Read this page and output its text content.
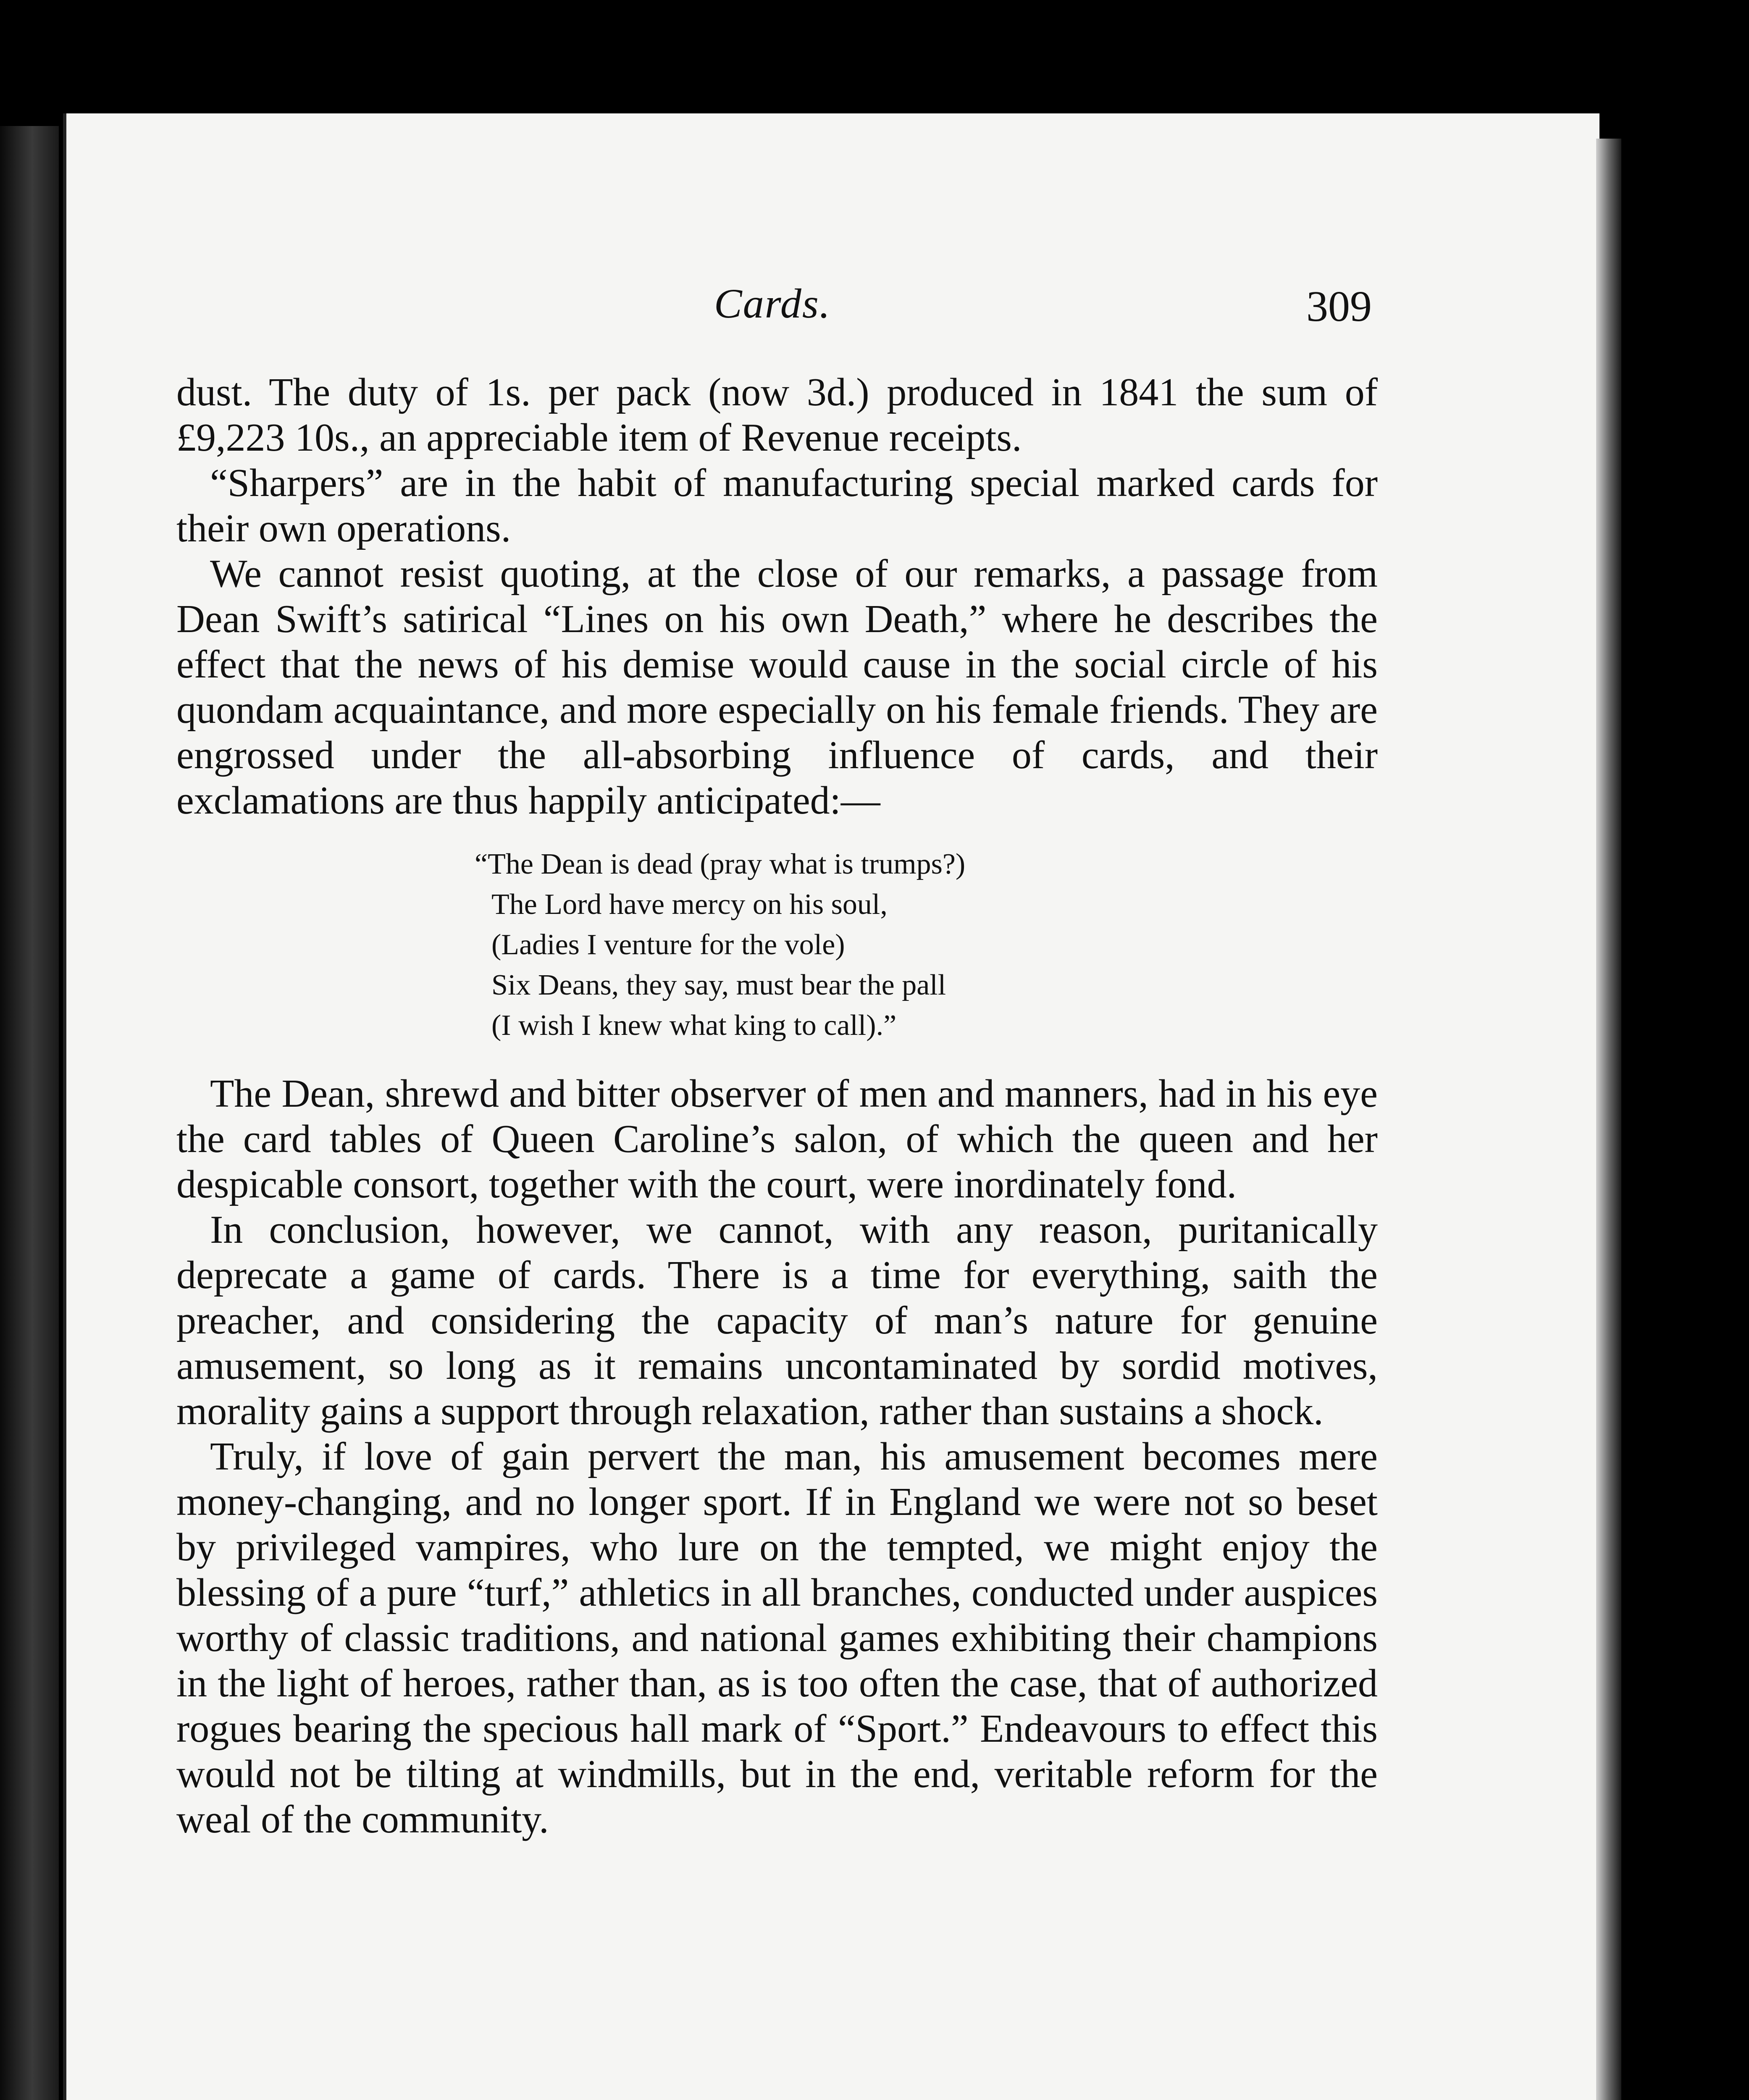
Cards.	309

dust. The duty of 1s. per pack (now 3d.) produced in 1841 the sum of £9,223 10s., an appreciable item of Revenue receipts.

“Sharpers” are in the habit of manufacturing special marked cards for their own operations.

We cannot resist quoting, at the close of our remarks, a passage from Dean Swift’s satirical “Lines on his own Death,” where he describes the effect that the news of his demise would cause in the social circle of his quondam acquaintance, and more especially on his female friends. They are engrossed under the all-absorbing influence of cards, and their exclamations are thus happily anticipated:—

“The Dean is dead (pray what is trumps?)
The Lord have mercy on his soul,
(Ladies I venture for the vole)
Six Deans, they say, must bear the pall
(I wish I knew what king to call).”

The Dean, shrewd and bitter observer of men and manners, had in his eye the card tables of Queen Caroline’s salon, of which the queen and her despicable consort, together with the court, were inordinately fond.

In conclusion, however, we cannot, with any reason, puritanically deprecate a game of cards. There is a time for everything, saith the preacher, and considering the capacity of man’s nature for genuine amusement, so long as it remains uncontaminated by sordid motives, morality gains a support through relaxation, rather than sustains a shock.

Truly, if love of gain pervert the man, his amusement becomes mere money-changing, and no longer sport. If in England we were not so beset by privileged vampires, who lure on the tempted, we might enjoy the blessing of a pure “turf,” athletics in all branches, conducted under auspices worthy of classic traditions, and national games exhibiting their champions in the light of heroes, rather than, as is too often the case, that of authorized rogues bearing the specious hall mark of “Sport.” Endeavours to effect this would not be tilting at windmills, but in the end, veritable reform for the weal of the community.
